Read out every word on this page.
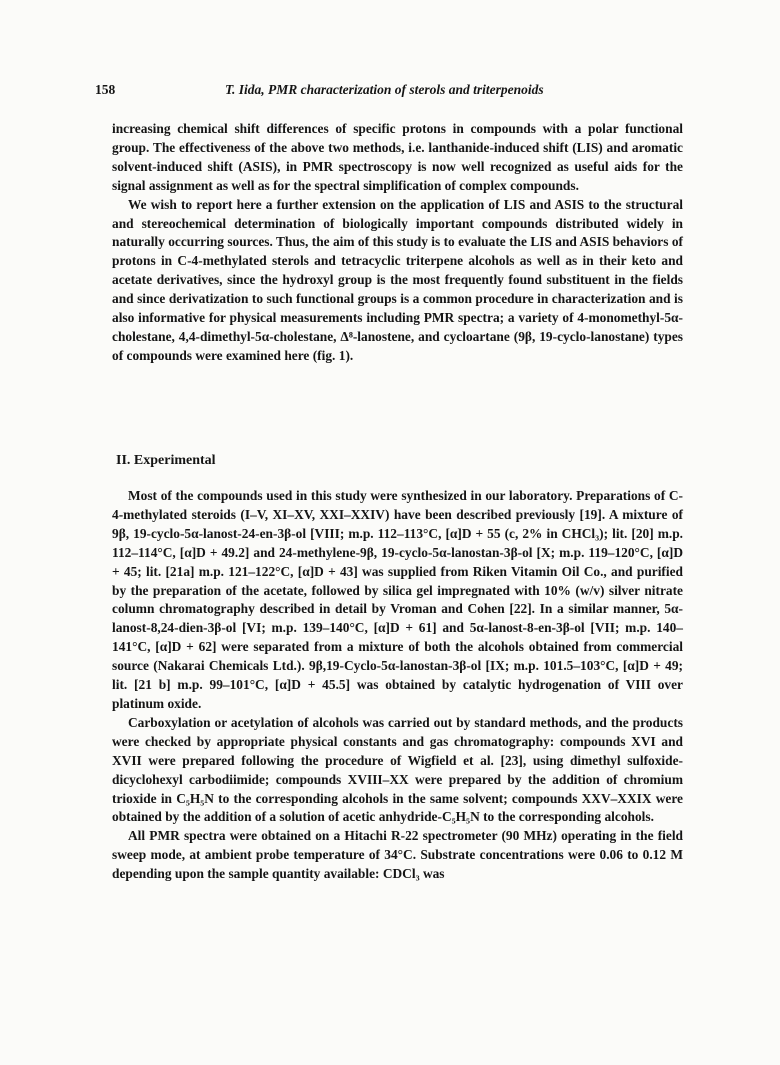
158	T. Iida, PMR characterization of sterols and triterpenoids

increasing chemical shift differences of specific protons in compounds with a polar functional group. The effectiveness of the above two methods, i.e. lanthanide-induced shift (LIS) and aromatic solvent-induced shift (ASIS), in PMR spectroscopy is now well recognized as useful aids for the signal assignment as well as for the spectral simplification of complex compounds.

We wish to report here a further extension on the application of LIS and ASIS to the structural and stereochemical determination of biologically important compounds distributed widely in naturally occurring sources. Thus, the aim of this study is to evaluate the LIS and ASIS behaviors of protons in C-4-methylated sterols and tetracyclic triterpene alcohols as well as in their keto and acetate derivatives, since the hydroxyl group is the most frequently found substituent in the fields and since derivatization to such functional groups is a common procedure in characterization and is also informative for physical measurements including PMR spectra; a variety of 4-monomethyl-5α-cholestane, 4,4-dimethyl-5α-cholestane, Δ⁸-lanostene, and cycloartane (9β, 19-cyclo-lanostane) types of compounds were examined here (fig. 1).

II. Experimental

Most of the compounds used in this study were synthesized in our laboratory. Preparations of C-4-methylated steroids (I–V, XI–XV, XXI–XXIV) have been described previously [19]. A mixture of 9β, 19-cyclo-5α-lanost-24-en-3β-ol [VIII; m.p. 112–113°C, [α]D + 55 (c, 2% in CHCl₃); lit. [20] m.p. 112–114°C, [α]D + 49.2] and 24-methylene-9β, 19-cyclo-5α-lanostan-3β-ol [X; m.p. 119–120°C, [α]D + 45; lit. [21a] m.p. 121–122°C, [α]D + 43] was supplied from Riken Vitamin Oil Co., and purified by the preparation of the acetate, followed by silica gel impregnated with 10% (w/v) silver nitrate column chromatography described in detail by Vroman and Cohen [22]. In a similar manner, 5α-lanost-8,24-dien-3β-ol [VI; m.p. 139–140°C, [α]D + 61] and 5α-lanost-8-en-3β-ol [VII; m.p. 140–141°C, [α]D + 62] were separated from a mixture of both the alcohols obtained from commercial source (Nakarai Chemicals Ltd.). 9β,19-Cyclo-5α-lanostan-3β-ol [IX; m.p. 101.5–103°C, [α]D + 49; lit. [21 b] m.p. 99–101°C, [α]D + 45.5] was obtained by catalytic hydrogenation of VIII over platinum oxide.

Carboxylation or acetylation of alcohols was carried out by standard methods, and the products were checked by appropriate physical constants and gas chromatography: compounds XVI and XVII were prepared following the procedure of Wigfield et al. [23], using dimethyl sulfoxide-dicyclohexyl carbodiimide; compounds XVIII–XX were prepared by the addition of chromium trioxide in C₅H₅N to the corresponding alcohols in the same solvent; compounds XXV–XXIX were obtained by the addition of a solution of acetic anhydride-C₅H₅N to the corresponding alcohols.

All PMR spectra were obtained on a Hitachi R-22 spectrometer (90 MHz) operating in the field sweep mode, at ambient probe temperature of 34°C. Substrate concentrations were 0.06 to 0.12 M depending upon the sample quantity available: CDCl₃ was
